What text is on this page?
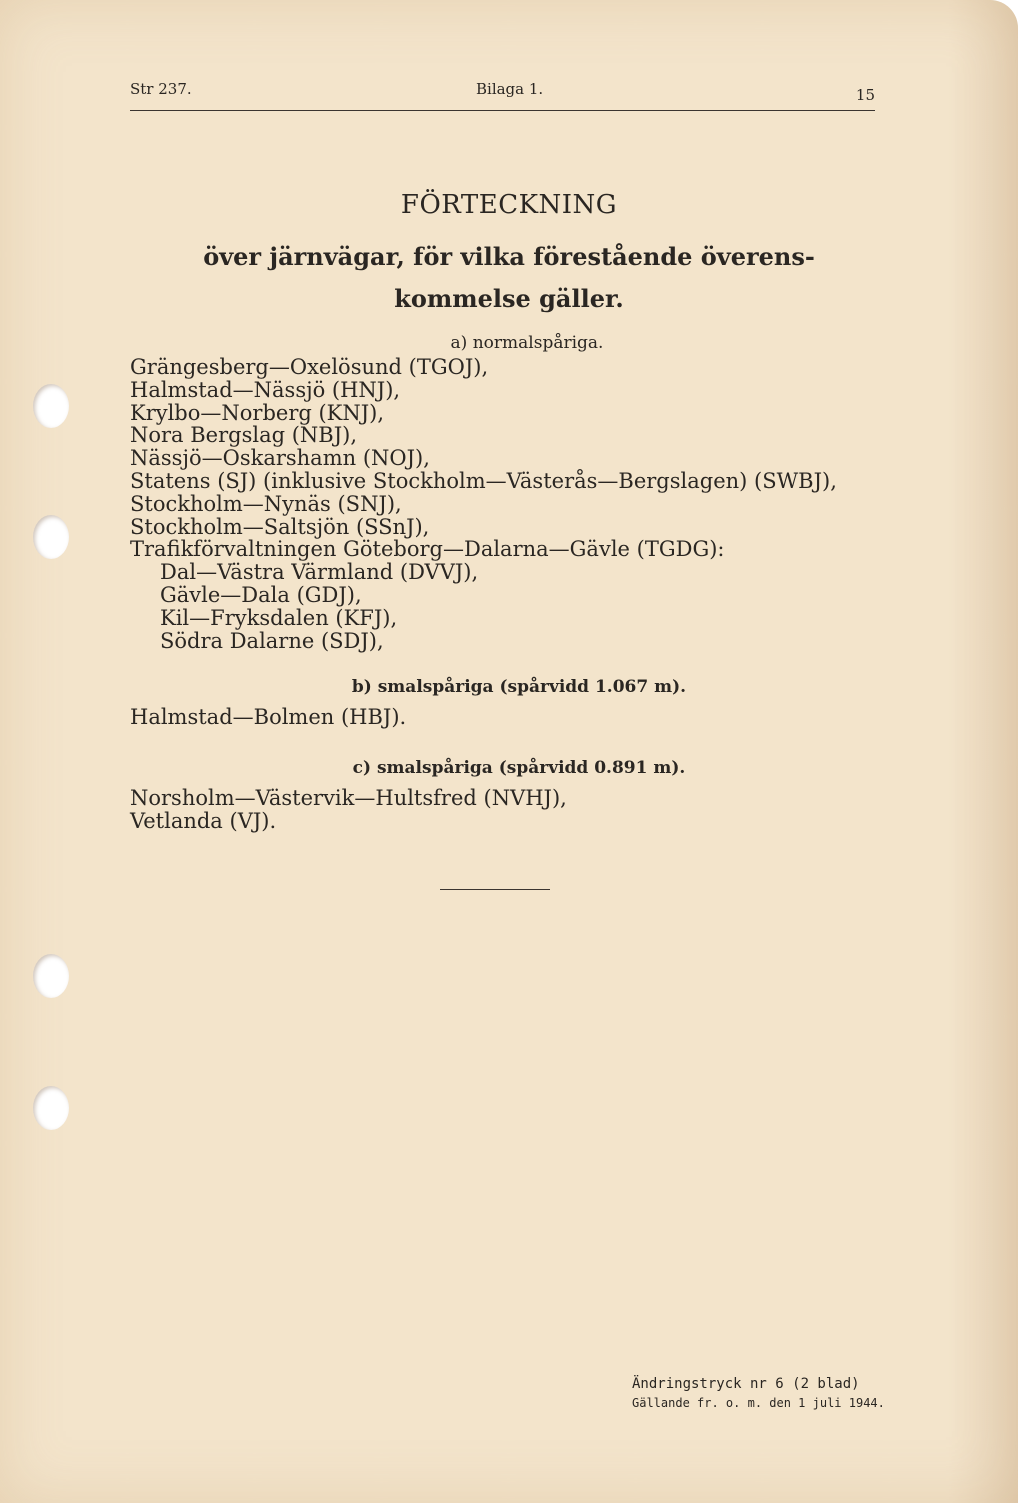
Str 237.	Bilaga 1.	15
FÖRTECKNING
över järnvägar, för vilka förestående överens-
kommelse gäller.
a) normalspåriga.
Grängesberg—Oxelösund (TGOJ),
Halmstad—Nässjö (HNJ),
Krylbo—Norberg (KNJ),
Nora Bergslag (NBJ),
Nässjö—Oskarshamn (NOJ),
Statens (SJ) (inklusive Stockholm—Västerås—Bergslagen) (SWBJ),
Stockholm—Nynäs (SNJ),
Stockholm—Saltsjön (SSnJ),
Trafikförvaltningen Göteborg—Dalarna—Gävle (TGDG):
Dal—Västra Värmland (DVVJ),
Gävle—Dala (GDJ),
Kil—Fryksdalen (KFJ),
Södra Dalarne (SDJ),
b) smalspåriga (spårvidd 1.067 m).
Halmstad—Bolmen (HBJ).
c) smalspåriga (spårvidd 0.891 m).
Norsholm—Västervik—Hultsfred (NVHJ),
Vetlanda (VJ).
Ändringstryck nr 6 (2 blad)
Gällande fr. o. m. den 1 juli 1944.
